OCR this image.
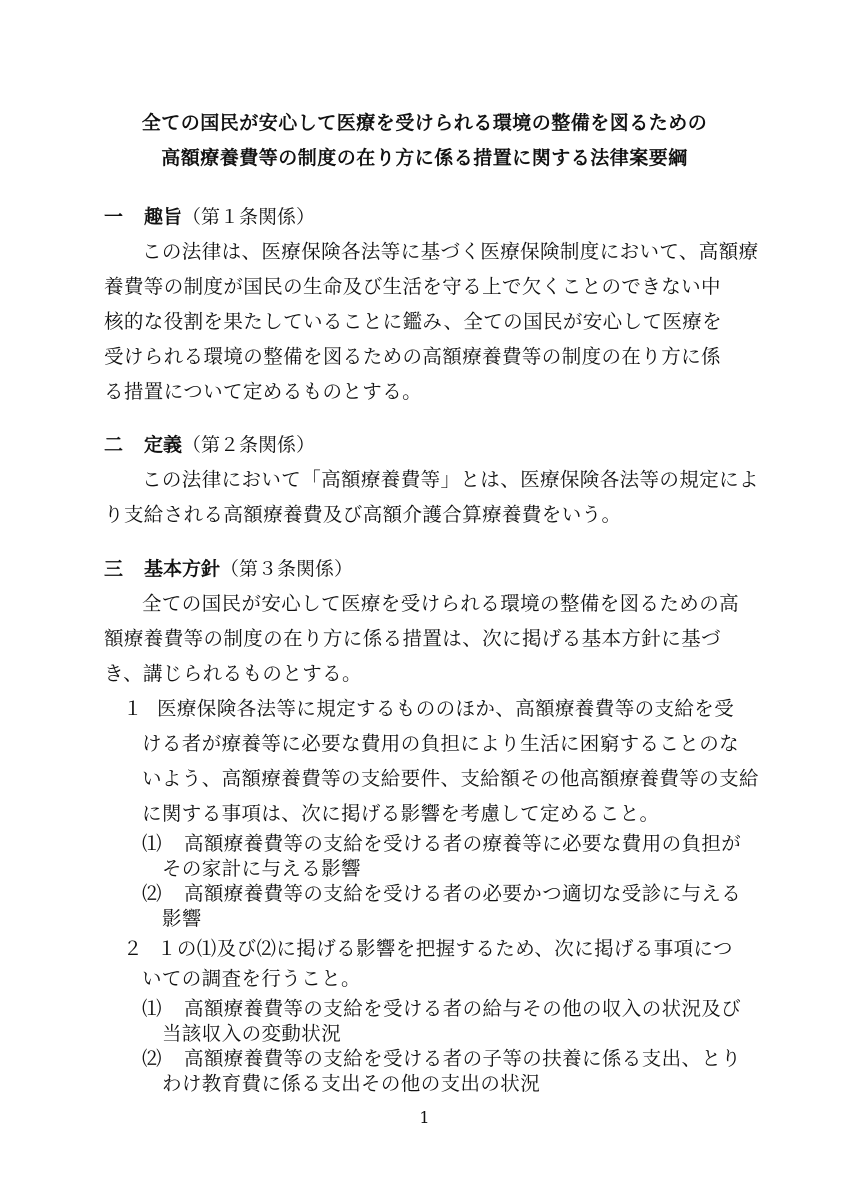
全ての国民が安心して医療を受けられる環境の整備を図るための
高額療養費等の制度の在り方に係る措置に関する法律案要綱
一 趣旨（第１条関係）
この法律は、医療保険各法等に基づく医療保険制度において、高額療
養費等の制度が国民の生命及び生活を守る上で欠くことのできない中
核的な役割を果たしていることに鑑み、全ての国民が安心して医療を
受けられる環境の整備を図るための高額療養費等の制度の在り方に係
る措置について定めるものとする。
二 定義（第２条関係）
この法律において「高額療養費等」とは、医療保険各法等の規定によ
り支給される高額療養費及び高額介護合算療養費をいう。
三 基本方針（第３条関係）
全ての国民が安心して医療を受けられる環境の整備を図るための高
額療養費等の制度の在り方に係る措置は、次に掲げる基本方針に基づ
き、講じられるものとする。
１ 医療保険各法等に規定するもののほか、高額療養費等の支給を受
ける者が療養等に必要な費用の負担により生活に困窮することのな
いよう、高額療養費等の支給要件、支給額その他高額療養費等の支給
に関する事項は、次に掲げる影響を考慮して定めること。
⑴ 高額療養費等の支給を受ける者の療養等に必要な費用の負担が
その家計に与える影響
⑵ 高額療養費等の支給を受ける者の必要かつ適切な受診に与える
影響
２ １の⑴及び⑵に掲げる影響を把握するため、次に掲げる事項につ
いての調査を行うこと。
⑴ 高額療養費等の支給を受ける者の給与その他の収入の状況及び
当該収入の変動状況
1
⑵ 高額療養費等の支給を受ける者の子等の扶養に係る支出、とり
わけ教育費に係る支出その他の支出の状況
